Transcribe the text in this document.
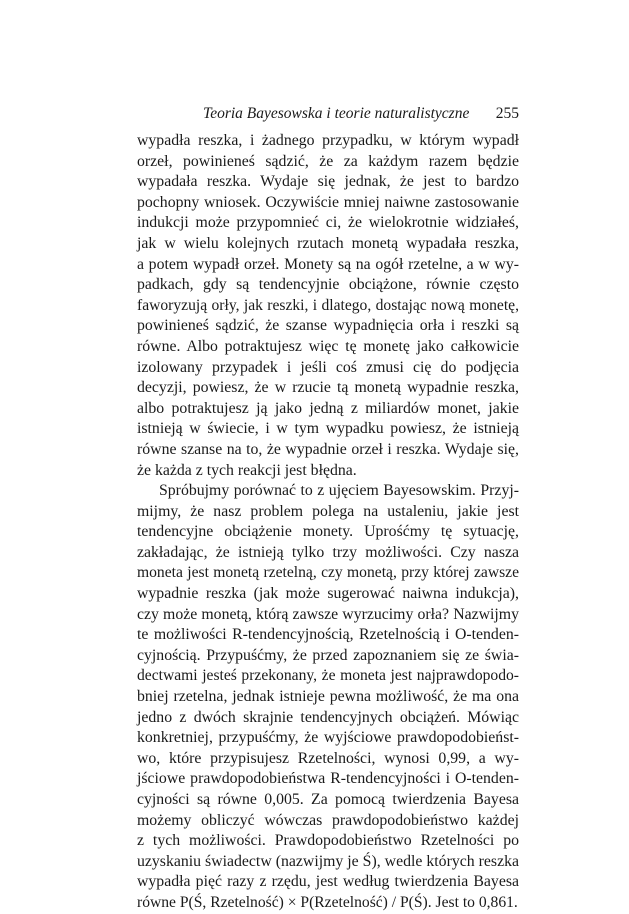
Teoria Bayesowska i teorie naturalistyczne 255
wypadła reszka, i żadnego przypadku, w którym wypadł
orzeł, powinieneś sądzić, że za każdym razem będzie
wypadała reszka. Wydaje się jednak, że jest to bardzo
pochopny wniosek. Oczywiście mniej naiwne zastosowanie
indukcji może przypomnieć ci, że wielokrotnie widziałeś,
jak w wielu kolejnych rzutach monetą wypadała reszka,
a potem wypadł orzeł. Monety są na ogół rzetelne, a w wy-
padkach, gdy są tendencyjnie obciążone, równie często
faworyzują orły, jak reszki, i dlatego, dostając nową monetę,
powinieneś sądzić, że szanse wypadnięcia orła i reszki są
równe. Albo potraktujesz więc tę monetę jako całkowicie
izolowany przypadek i jeśli coś zmusi cię do podjęcia
decyzji, powiesz, że w rzucie tą monetą wypadnie reszka,
albo potraktujesz ją jako jedną z miliardów monet, jakie
istnieją w świecie, i w tym wypadku powiesz, że istnieją
równe szanse na to, że wypadnie orzeł i reszka. Wydaje się,
że każda z tych reakcji jest błędna.
Spróbujmy porównać to z ujęciem Bayesowskim. Przyj-
mijmy, że nasz problem polega na ustaleniu, jakie jest
tendencyjne obciążenie monety. Uprośćmy tę sytuację,
zakładając, że istnieją tylko trzy możliwości. Czy nasza
moneta jest monetą rzetelną, czy monetą, przy której zawsze
wypadnie reszka (jak może sugerować naiwna indukcja),
czy może monetą, którą zawsze wyrzucimy orła? Nazwijmy
te możliwości R-tendencyjnością, Rzetelnością i O-tenden-
cyjnością. Przypuśćmy, że przed zapoznaniem się ze świa-
dectwami jesteś przekonany, że moneta jest najprawdopodo-
bniej rzetelna, jednak istnieje pewna możliwość, że ma ona
jedno z dwóch skrajnie tendencyjnych obciążeń. Mówiąc
konkretniej, przypuśćmy, że wyjściowe prawdopodobieńst-
wo, które przypisujesz Rzetelności, wynosi 0,99, a wy-
jściowe prawdopodobieństwa R-tendencyjności i O-tenden-
cyjności są równe 0,005. Za pomocą twierdzenia Bayesa
możemy obliczyć wówczas prawdopodobieństwo każdej
z tych możliwości. Prawdopodobieństwo Rzetelności po
uzyskaniu świadectw (nazwijmy je Ś), wedle których reszka
wypadła pięć razy z rzędu, jest według twierdzenia Bayesa
równe P(Ś, Rzetelność) × P(Rzetelność) / P(Ś). Jest to 0,861.
